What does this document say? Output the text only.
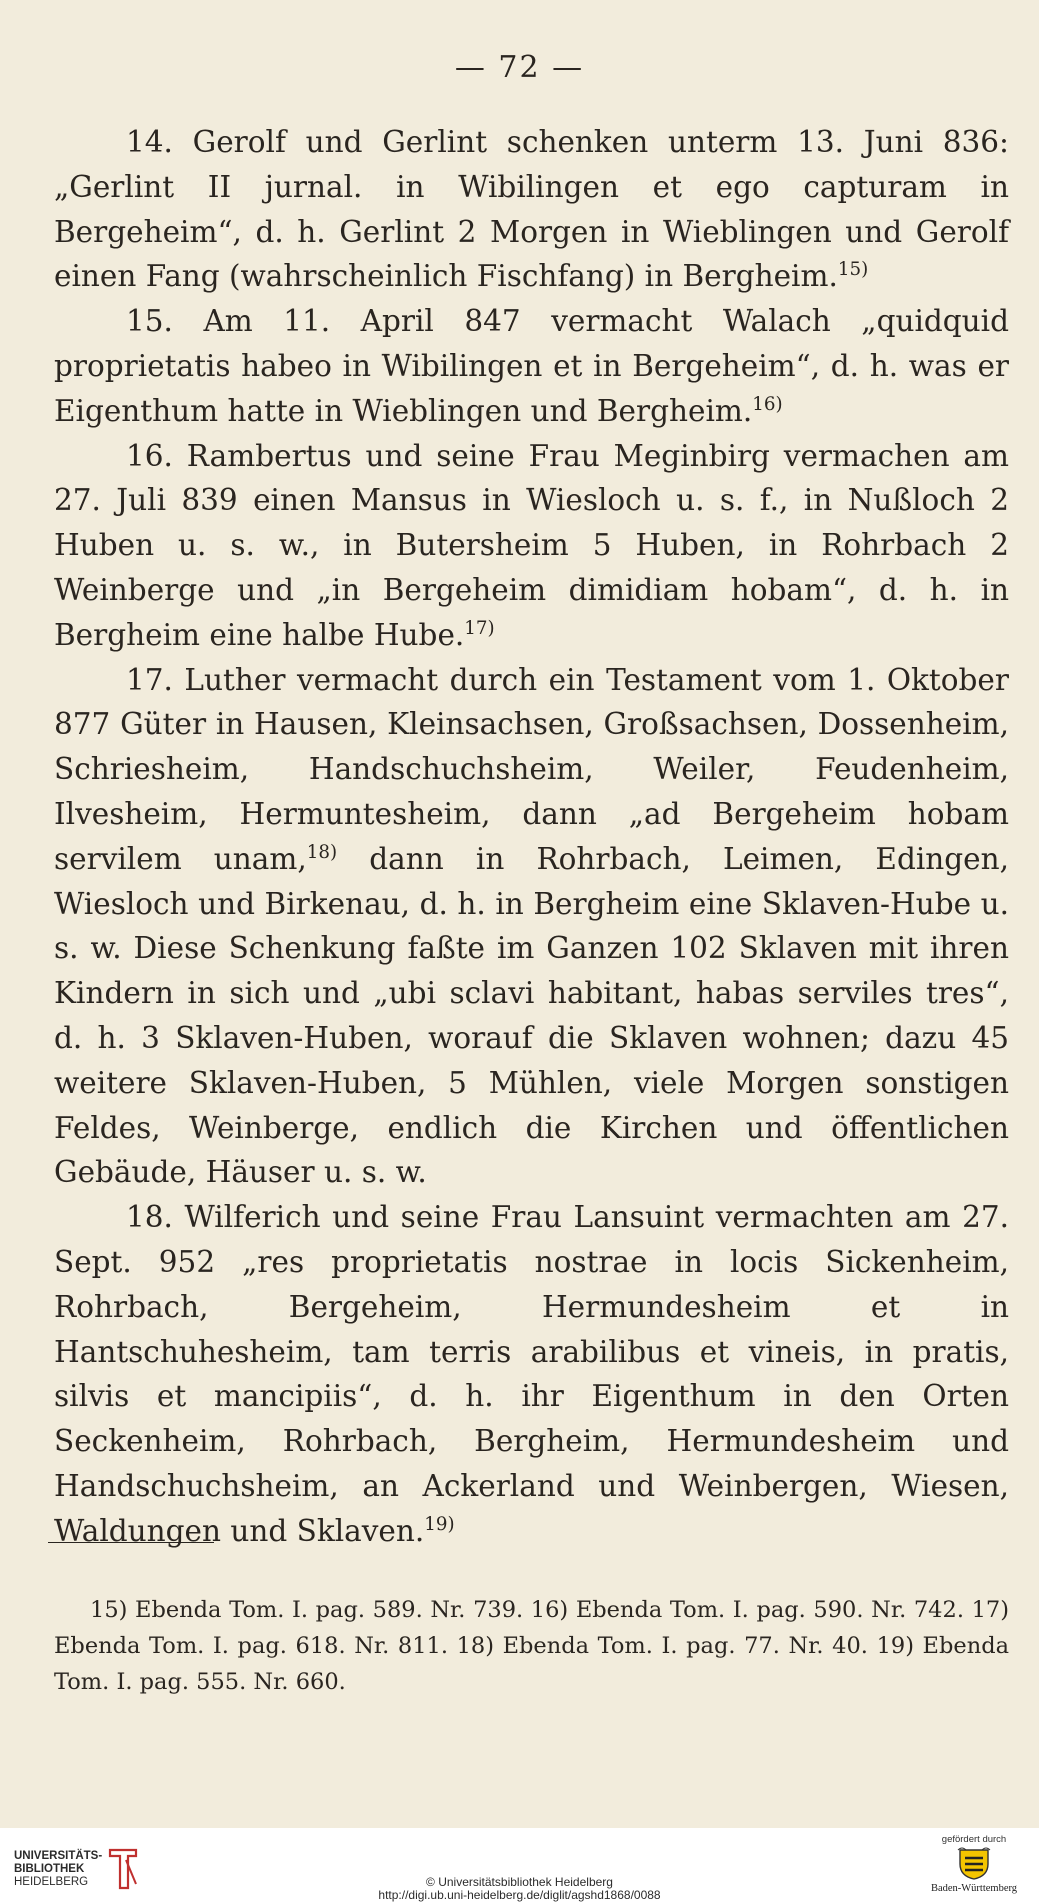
— 72 —

14. Gerolf und Gerlint schenken unterm 13. Juni 836: „Gerlint II jurnal. in Wibilingen et ego capturam in Bergeheim“, d. h. Gerlint 2 Morgen in Wieblingen und Gerolf einen Fang (wahrscheinlich Fischfang) in Bergheim.$^{15)}$

15. Am 11. April 847 vermacht Walach „quidquid proprietatis habeo in Wibilingen et in Bergeheim“, d. h. was er Eigenthum hatte in Wieblingen und Bergheim.$^{16)}$

16. Rambertus und seine Frau Meginbirg vermachen am 27. Juli 839 einen Mansus in Wiesloch u. s. f., in Nußloch 2 Huben u. s. w., in Butersheim 5 Huben, in Rohrbach 2 Weinberge und „in Bergeheim dimidiam hobam“, d. h. in Bergheim eine halbe Hube.$^{17)}$

17. Luther vermacht durch ein Testament vom 1. Oktober 877 Güter in Hausen, Kleinsachsen, Großsachsen, Dossenheim, Schriesheim, Handschuchsheim, Weiler, Feudenheim, Ilvesheim, Hermuntesheim, dann „ad Bergeheim hobam servilem unam,$^{18)}$ dann in Rohrbach, Leimen, Edingen, Wiesloch und Birkenau, d. h. in Bergheim eine Sklaven-Hube u. s. w. Diese Schenkung faßte im Ganzen 102 Sklaven mit ihren Kindern in sich und „ubi sclavi habitant, habas serviles tres“, d. h. 3 Sklaven-Huben, worauf die Sklaven wohnen; dazu 45 weitere Sklaven-Huben, 5 Mühlen, viele Morgen sonstigen Feldes, Weinberge, endlich die Kirchen und öffentlichen Gebäude, Häuser u. s. w.

18. Wilferich und seine Frau Lansuint vermachten am 27. Sept. 952 „res proprietatis nostrae in locis Sickenheim, Rohrbach, Bergeheim, Hermundesheim et in Hantschuhesheim, tam terris arabilibus et vineis, in pratis, silvis et mancipiis“, d. h. ihr Eigenthum in den Orten Seckenheim, Rohrbach, Bergheim, Hermundesheim und Handschuchsheim, an Ackerland und Weinbergen, Wiesen, Waldungen und Sklaven.$^{19)}$

15) Ebenda Tom. I. pag. 589. Nr. 739. 16) Ebenda Tom. I. pag. 590. Nr. 742. 17) Ebenda Tom. I. pag. 618. Nr. 811. 18) Ebenda Tom. I. pag. 77. Nr. 40. 19) Ebenda Tom. I. pag. 555. Nr. 660.

UNIVERSITÄTS-
BIBLIOTHEK
HEIDELBERG	© Universitätsbibliothek Heidelberg
http://digi.ub.uni-heidelberg.de/diglit/agshd1868/0088
gefördert durch
Baden-Württemberg
